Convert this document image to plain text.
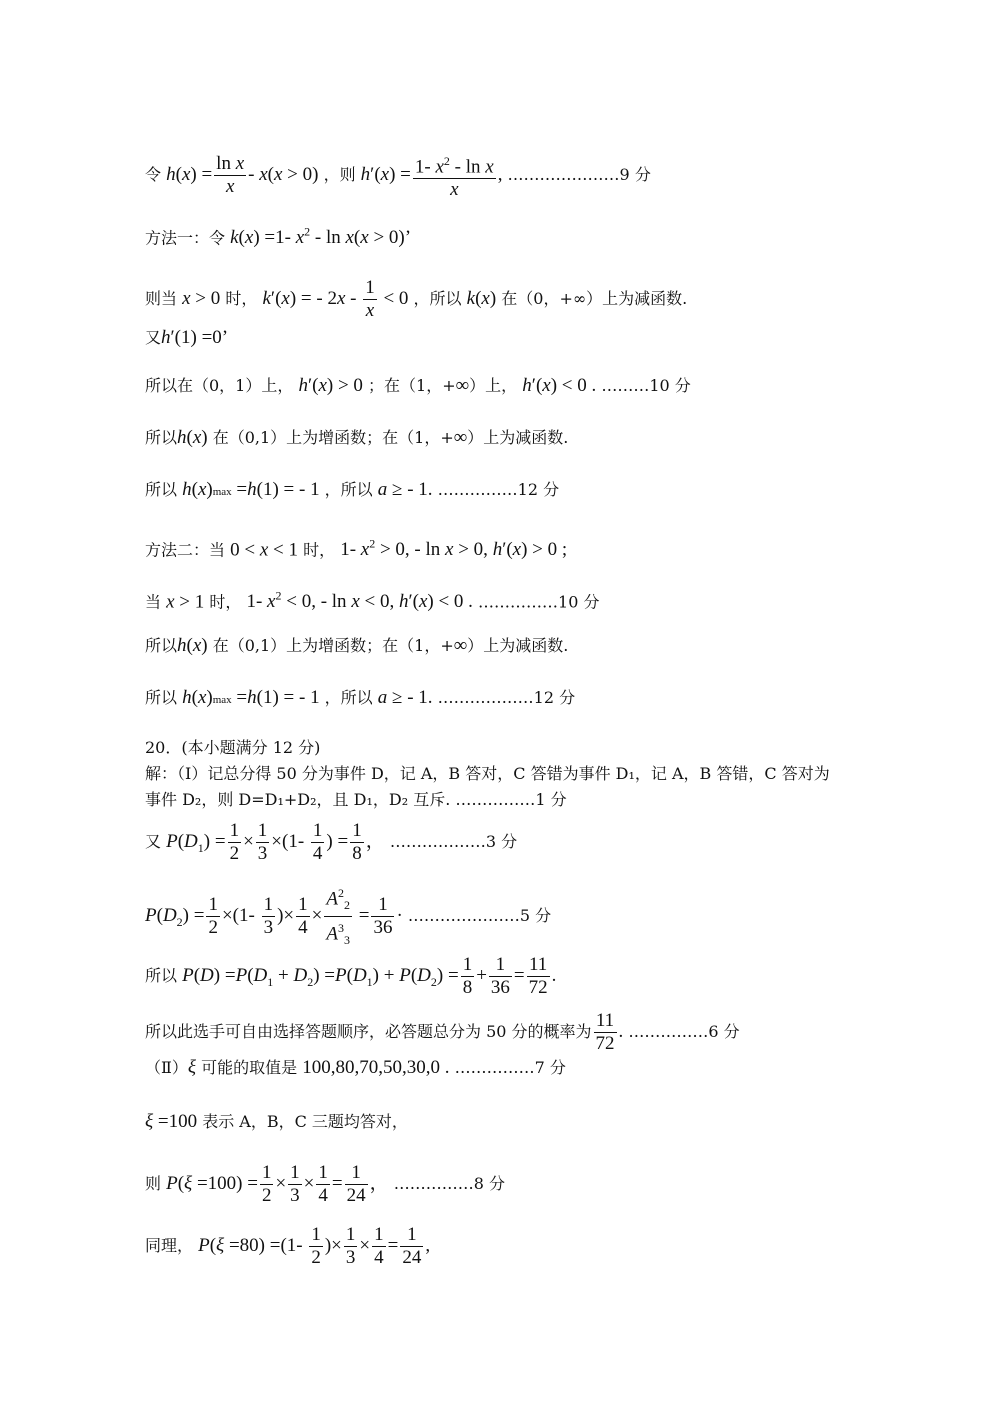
令 $h(x) = \frac{\text{ln x}}{x} - x(x > 0)$ ，则 $h'(x) = \frac{1- x^2 - \ln x}{x}$ , …………………9 分
方法一：令 k(x) =1- $x^2 - \ln x(x > 0)$’
则当 x > 0 时， k′(x) = - $2x - \frac{1}{x} < 0$ ，所以 k(x) 在（0，+∞）上为减函数.
又h′(1) =0’
所以在（0，1）上， h′(x) > 0 ；在（1，+∞）上， h′(x) < 0 . ………10 分
所以h(x) 在（0,1）上为增函数；在（1，+∞）上为减函数.
所以 h(x)max =h(1) = - 1 ，所以 a ≥ - 1. ……………12 分
方法二：当 0 < x < 1 时， 1- $x^2 > 0$, - ln x > 0, h′(x) > 0 ;
当 x > 1 时， 1- $x^2 < 0$, - ln x < 0, h′(x) < 0 . ……………10 分
所以h(x) 在（0,1）上为增函数；在（1，+∞）上为减函数.
所以 h(x)max =h(1) = - 1 ，所以 a ≥ - 1. ………………12 分
20．(本小题满分 12 分)
解：（Ⅰ）记总分得 50 分为事件 D，记 A，B 答对，C 答错为事件 D₁，记 A，B 答错，C 答对为
事件 D₂，则 D=D₁+D₂，且 D₁，D₂ 互斥. ……………1 分
又 $P(D_1) = \frac{1}{2} \times \frac{1}{3} \times(1- \frac{1}{4}$ ) = $\frac{1}{8}$ ， ………………3 分
$P(D_2) = \frac{1}{2} \times(1- \frac{1}{3}$ )× $\frac{1}{4} \times \frac{A^2_2}{A^3_3} = \frac{1}{36}$ · …………………5 分
所以 $P(D) =P(D_1 + D_2) =P(D_1) + P(D_2) = \frac{1}{8} + \frac{1}{36} = \frac{11}{72}$ .
所以此选手可自由选择答题顺序，必答题总分为 50 分的概率为 $\frac{11}{72}$ . ……………6 分
（Ⅱ）ξ 可能的取值是 100,80,70,50,30,0 . ……………7 分
ξ =100 表示 A，B，C 三题均答对，
则 $P(\xi =100) = \frac{1}{2} \times \frac{1}{3} \times \frac{1}{4} = \frac{1}{24}$ ， ……………8 分
同理， $P(\xi =80) =(1- \frac{1}{2}$ )× $\frac{1}{3} \times \frac{1}{4} = \frac{1}{24}$ ,
